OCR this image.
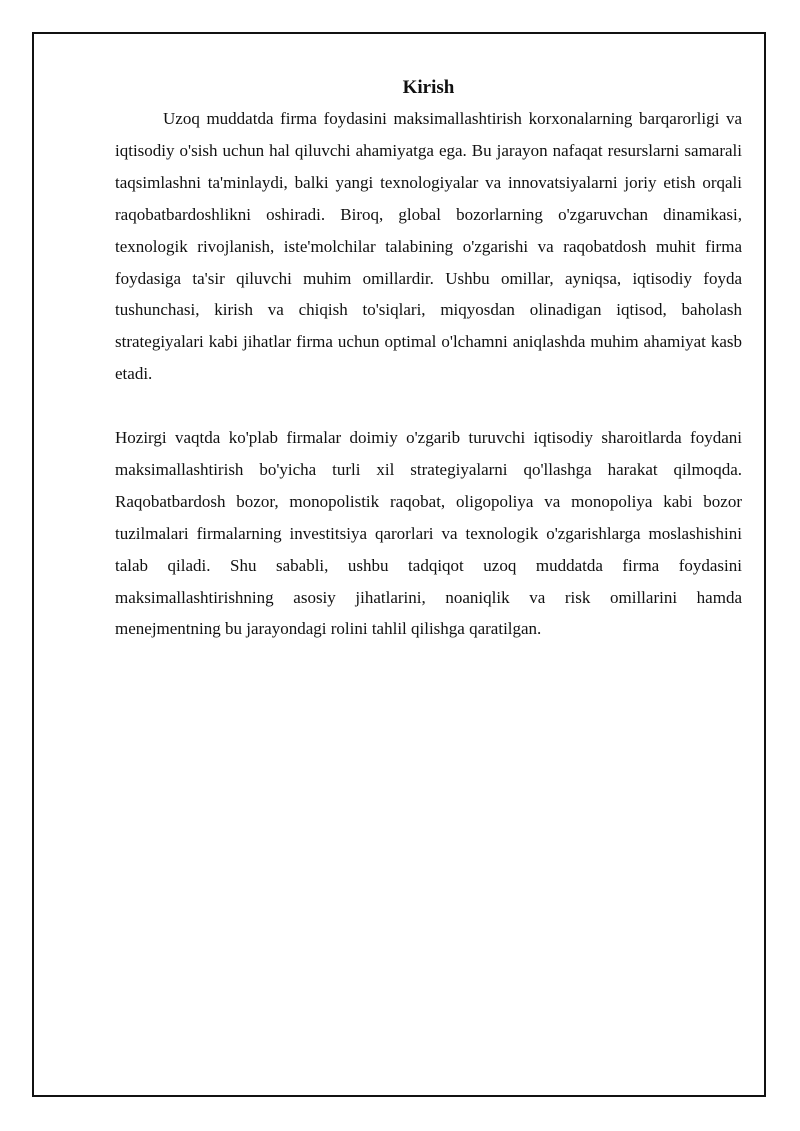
Kirish

Uzoq muddatda firma foydasini maksimallashtirish korxonalarning barqarorligi va iqtisodiy o'sish uchun hal qiluvchi ahamiyatga ega. Bu jarayon nafaqat resurslarni samarali taqsimlashni ta'minlaydi, balki yangi texnologiyalar va innovatsiyalarni joriy etish orqali raqobatbardoshlikni oshiradi. Biroq, global bozorlarning o'zgaruvchan dinamikasi, texnologik rivojlanish, iste'molchilar talabining o'zgarishi va raqobatdosh muhit firma foydasiga ta'sir qiluvchi muhim omillardir. Ushbu omillar, ayniqsa, iqtisodiy foyda tushunchasi, kirish va chiqish to'siqlari, miqyosdan olinadigan iqtisod, baholash strategiyalari kabi jihatlar firma uchun optimal o'lchamni aniqlashda muhim ahamiyat kasb etadi.

Hozirgi vaqtda ko'plab firmalar doimiy o'zgarib turuvchi iqtisodiy sharoitlarda foydani maksimallashtirish bo'yicha turli xil strategiyalarni qo'llashga harakat qilmoqda. Raqobatbardosh bozor, monopolistik raqobat, oligopoliya va monopoliya kabi bozor tuzilmalari firmalarning investitsiya qarorlari va texnologik o'zgarishlarga moslashishini talab qiladi. Shu sababli, ushbu tadqiqot uzoq muddatda firma foydasini maksimallashtirishning asosiy jihatlarini, noaniqlik va risk omillarini hamda menejmentning bu jarayondagi rolini tahlil qilishga qaratilgan.
